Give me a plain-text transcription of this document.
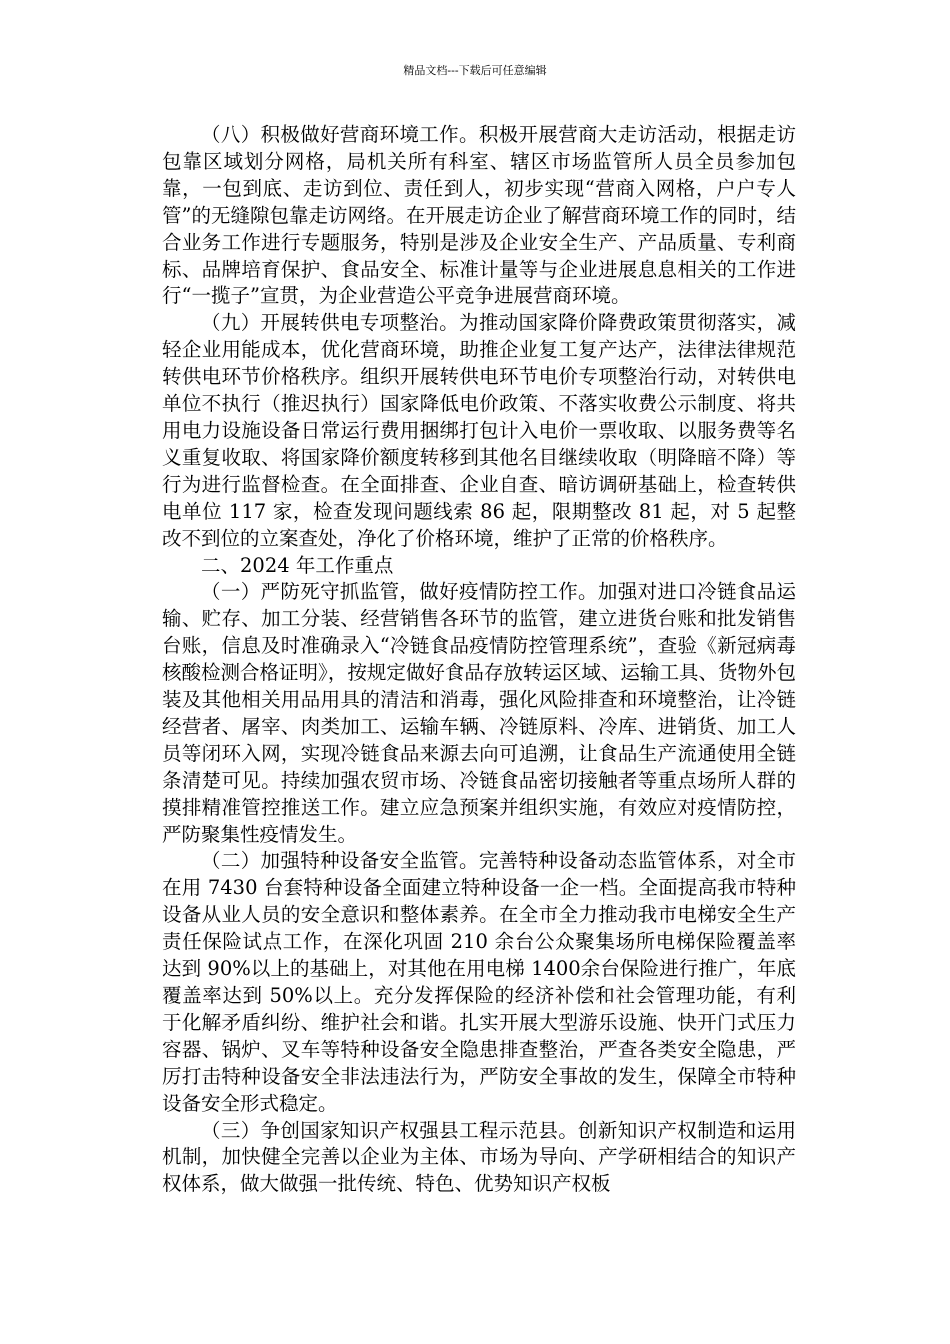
精品文档---下载后可任意编辑

（八）积极做好营商环境工作。积极开展营商大走访活动，根据走访包靠区域划分网格，局机关所有科室、辖区市场监管所人员全员参加包靠，一包到底、走访到位、责任到人，初步实现“营商入网格，户户专人管”的无缝隙包靠走访网络。在开展走访企业了解营商环境工作的同时，结合业务工作进行专题服务，特别是涉及企业安全生产、产品质量、专利商标、品牌培育保护、食品安全、标准计量等与企业进展息息相关的工作进行“一揽子”宣贯，为企业营造公平竞争进展营商环境。

（九）开展转供电专项整治。为推动国家降价降费政策贯彻落实，减轻企业用能成本，优化营商环境，助推企业复工复产达产，法律法律规范转供电环节价格秩序。组织开展转供电环节电价专项整治行动，对转供电单位不执行（推迟执行）国家降低电价政策、不落实收费公示制度、将共用电力设施设备日常运行费用捆绑打包计入电价一票收取、以服务费等名义重复收取、将国家降价额度转移到其他名目继续收取（明降暗不降）等行为进行监督检查。在全面排查、企业自查、暗访调研基础上，检查转供电单位 117 家，检查发现问题线索 86 起，限期整改 81 起，对 5 起整改不到位的立案查处，净化了价格环境，维护了正常的价格秩序。

二、2024 年工作重点

（一）严防死守抓监管，做好疫情防控工作。加强对进口冷链食品运输、贮存、加工分装、经营销售各环节的监管，建立进货台账和批发销售台账，信息及时准确录入“冷链食品疫情防控管理系统”，查验《新冠病毒核酸检测合格证明》，按规定做好食品存放转运区域、运输工具、货物外包装及其他相关用品用具的清洁和消毒，强化风险排查和环境整治，让冷链经营者、屠宰、肉类加工、运输车辆、冷链原料、冷库、进销货、加工人员等闭环入网，实现冷链食品来源去向可追溯，让食品生产流通使用全链条清楚可见。持续加强农贸市场、冷链食品密切接触者等重点场所人群的摸排精准管控推送工作。建立应急预案并组织实施，有效应对疫情防控，严防聚集性疫情发生。

（二）加强特种设备安全监管。完善特种设备动态监管体系，对全市在用 7430 台套特种设备全面建立特种设备一企一档。全面提高我市特种设备从业人员的安全意识和整体素养。在全市全力推动我市电梯安全生产责任保险试点工作，在深化巩固 210 余台公众聚集场所电梯保险覆盖率达到 90%以上的基础上，对其他在用电梯 1400余台保险进行推广，年底覆盖率达到 50%以上。充分发挥保险的经济补偿和社会管理功能，有利于化解矛盾纠纷、维护社会和谐。扎实开展大型游乐设施、快开门式压力容器、锅炉、叉车等特种设备安全隐患排查整治，严查各类安全隐患，严厉打击特种设备安全非法违法行为，严防安全事故的发生，保障全市特种设备安全形式稳定。

（三）争创国家知识产权强县工程示范县。创新知识产权制造和运用机制，加快健全完善以企业为主体、市场为导向、产学研相结合的知识产权体系，做大做强一批传统、特色、优势知识产权板
